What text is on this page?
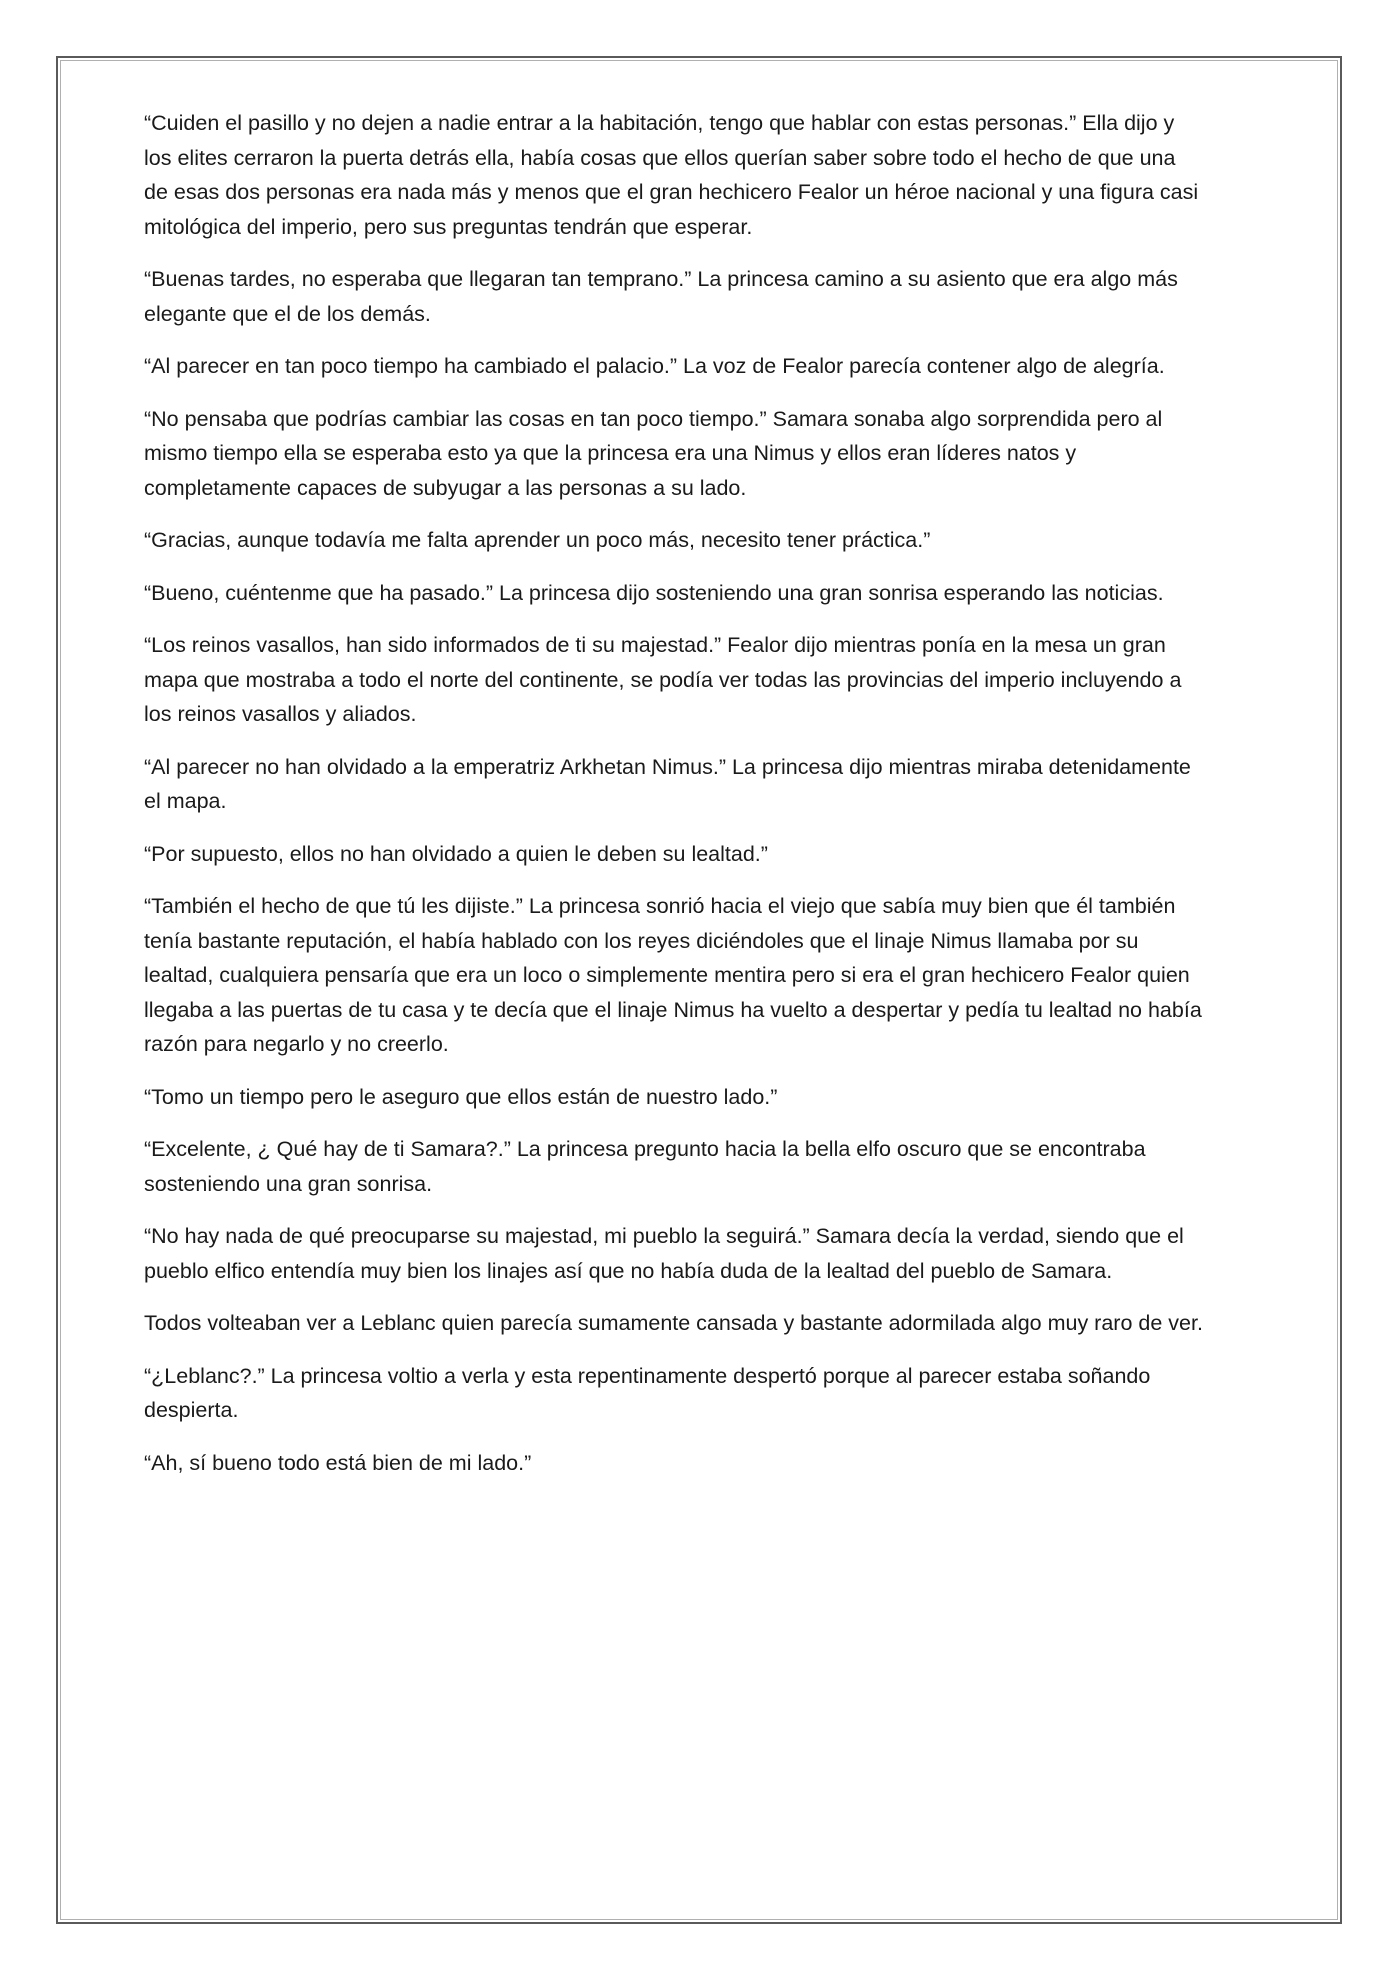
“Cuiden el pasillo y no dejen a nadie entrar a la habitación, tengo que hablar con estas personas.” Ella dijo y los elites cerraron la puerta detrás ella, había cosas que ellos querían saber sobre todo el hecho de que una de esas dos personas era nada más y menos que el gran hechicero Fealor un héroe nacional y una figura casi mitológica del imperio, pero sus preguntas tendrán que esperar.

“Buenas tardes, no esperaba que llegaran tan temprano.” La princesa camino a su asiento que era algo más elegante que el de los demás.

“Al parecer en tan poco tiempo ha cambiado el palacio.” La voz de Fealor parecía contener algo de alegría.

“No pensaba que podrías cambiar las cosas en tan poco tiempo.” Samara sonaba algo sorprendida pero al mismo tiempo ella se esperaba esto ya que la princesa era una Nimus y ellos eran líderes natos y completamente capaces de subyugar a las personas a su lado.

“Gracias, aunque todavía me falta aprender un poco más, necesito tener práctica.”

“Bueno, cuéntenme que ha pasado.” La princesa dijo sosteniendo una gran sonrisa esperando las noticias.

“Los reinos vasallos, han sido informados de ti su majestad.” Fealor dijo mientras ponía en la mesa un gran mapa que mostraba a todo el norte del continente, se podía ver todas las provincias del imperio incluyendo a los reinos vasallos y aliados.

“Al parecer no han olvidado a la emperatriz Arkhetan Nimus.” La princesa dijo mientras miraba detenidamente el mapa.

“Por supuesto, ellos no han olvidado a quien le deben su lealtad.”

“También el hecho de que tú les dijiste.” La princesa sonrió hacia el viejo que sabía muy bien que él también tenía bastante reputación, el había hablado con los reyes diciéndoles que el linaje Nimus llamaba por su lealtad, cualquiera pensaría que era un loco o simplemente mentira pero si era el gran hechicero Fealor quien llegaba a las puertas de tu casa y te decía que el linaje Nimus ha vuelto a despertar y pedía tu lealtad no había razón para negarlo y no creerlo.

“Tomo un tiempo pero le aseguro que ellos están de nuestro lado.”

“Excelente, ¿ Qué hay de ti Samara?.” La princesa pregunto hacia la bella elfo oscuro que se encontraba sosteniendo una gran sonrisa.

“No hay nada de qué preocuparse su majestad, mi pueblo la seguirá.” Samara decía la verdad, siendo que el pueblo elfico entendía muy bien los linajes así que no había duda de la lealtad del pueblo de Samara.

Todos volteaban ver a Leblanc quien parecía sumamente cansada y bastante adormilada algo muy raro de ver.

“¿Leblanc?.” La princesa voltio a verla y esta repentinamente despertó porque al parecer estaba soñando despierta.

“Ah, sí bueno todo está bien de mi lado.”
